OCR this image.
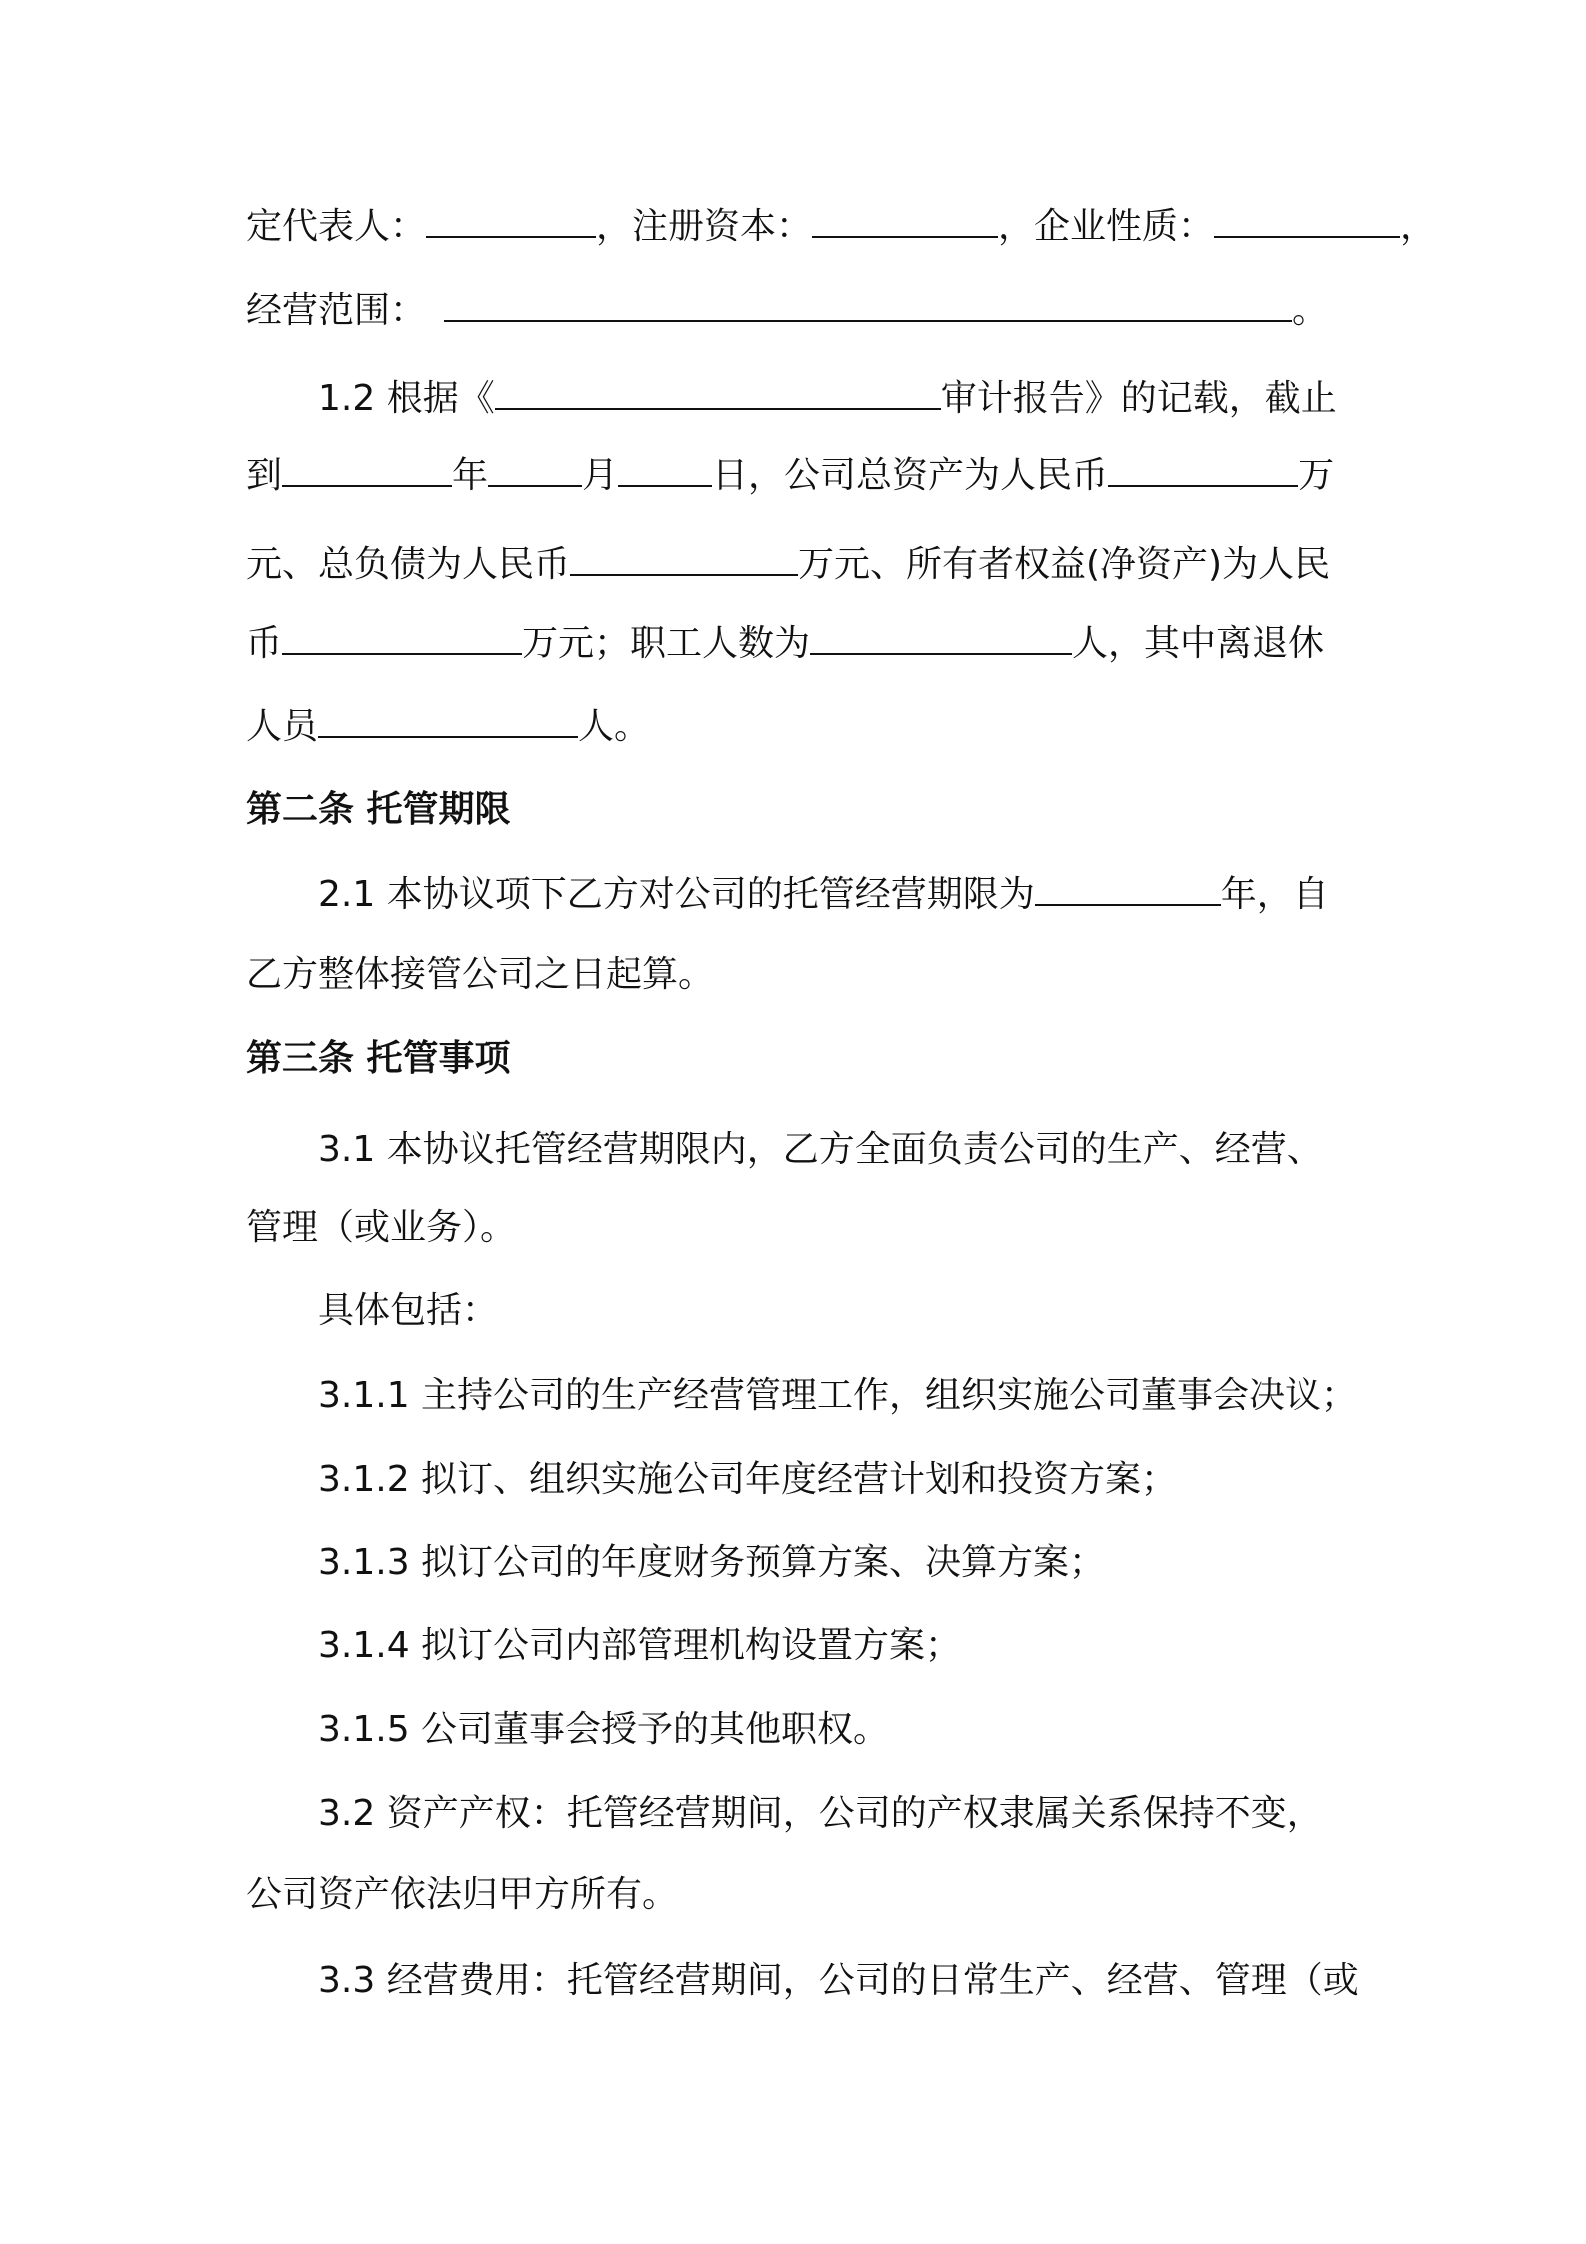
定代表人：	，注册资本：	，企业性质：	，
经营范围：	。
1.2 根据《	审计报告》的记载，截止
到	年	月	日，公司总资产为人民币	万
元、总负债为人民币	万元、所有者权益(净资产)为人民
币	万元；职工人数为	人，其中离退休
人员	人。
第二条 托管期限
2.1 本协议项下乙方对公司的托管经营期限为	年，自
乙方整体接管公司之日起算。
第三条 托管事项
3.1 本协议托管经营期限内，乙方全面负责公司的生产、经营、
管理（或业务）。
具体包括：
3.1.1 主持公司的生产经营管理工作，组织实施公司董事会决议；
3.1.2 拟订、组织实施公司年度经营计划和投资方案；
3.1.3 拟订公司的年度财务预算方案、决算方案；
3.1.4 拟订公司内部管理机构设置方案；
3.1.5 公司董事会授予的其他职权。
3.2 资产产权：托管经营期间，公司的产权隶属关系保持不变，
公司资产依法归甲方所有。
3.3 经营费用：托管经营期间，公司的日常生产、经营、管理（或
